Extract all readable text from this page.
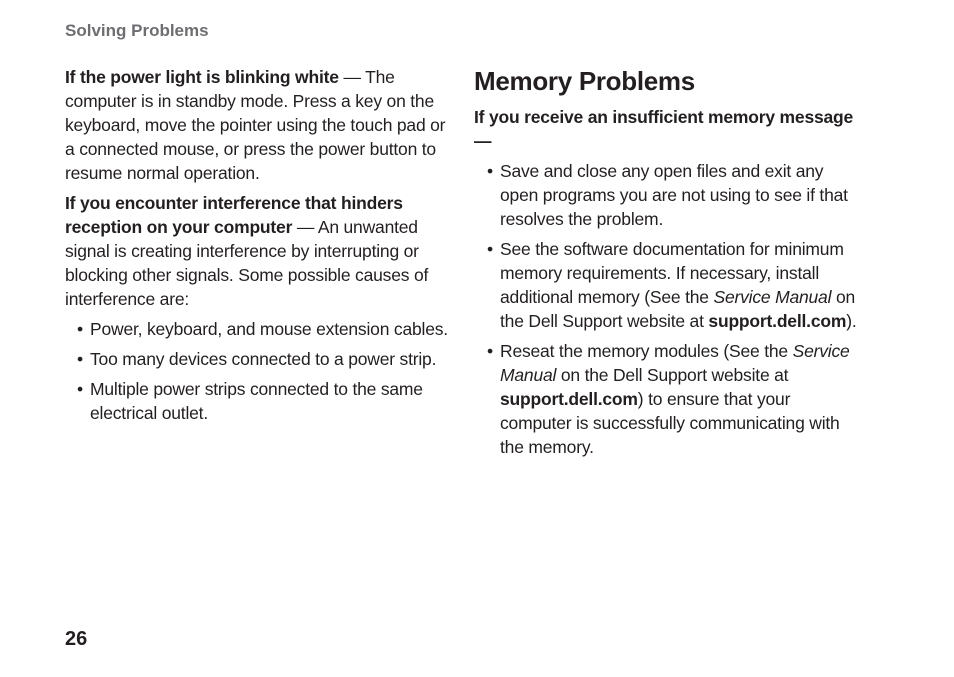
Solving Problems

If the power light is blinking white — The computer is in standby mode. Press a key on the keyboard, move the pointer using the touch pad or a connected mouse, or press the power button to resume normal operation.

If you encounter interference that hinders reception on your computer — An unwanted signal is creating interference by interrupting or blocking other signals. Some possible causes of interference are:

• Power, keyboard, and mouse extension cables.
• Too many devices connected to a power strip.
• Multiple power strips connected to the same electrical outlet.
Memory Problems
If you receive an insufficient memory message—
• Save and close any open files and exit any open programs you are not using to see if that resolves the problem.
• See the software documentation for minimum memory requirements. If necessary, install additional memory (See the Service Manual on the Dell Support website at support.dell.com).
• Reseat the memory modules (See the Service Manual on the Dell Support website at support.dell.com) to ensure that your computer is successfully communicating with the memory.
26
